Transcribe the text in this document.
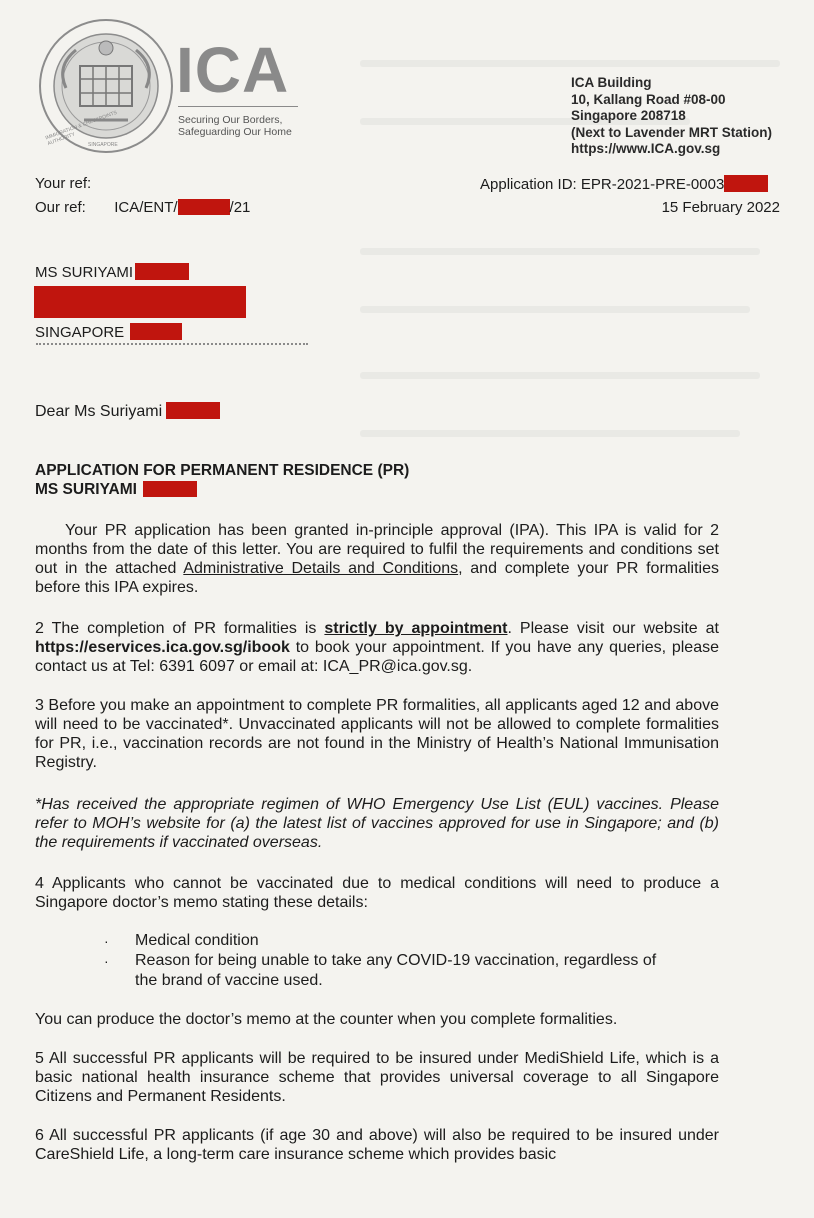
IMMIGRATION & CHECKPOINTS AUTHORITY	SINGAPORE
ICA
Securing Our Borders,
Safeguarding Our Home
ICA Building
10, Kallang Road #08-00
Singapore 208718
(Next to Lavender MRT Station)
https://www.ICA.gov.sg
Your ref:
Our ref: ICA/ENT/	/21
Application ID: EPR-2021-PRE-0003
15 February 2022
MS SURIYAMI
SINGAPORE
Dear Ms Suriyami
APPLICATION FOR PERMANENT RESIDENCE (PR)
MS SURIYAMI
Your PR application has been granted in-principle approval (IPA). This IPA is valid for 2 months from the date of this letter. You are required to fulfil the requirements and conditions set out in the attached Administrative Details and Conditions, and complete your PR formalities before this IPA expires.
2 The completion of PR formalities is strictly by appointment. Please visit our website at https://eservices.ica.gov.sg/ibook to book your appointment. If you have any queries, please contact us at Tel: 6391 6097 or email at: ICA_PR@ica.gov.sg.
3 Before you make an appointment to complete PR formalities, all applicants aged 12 and above will need to be vaccinated*. Unvaccinated applicants will not be allowed to complete formalities for PR, i.e., vaccination records are not found in the Ministry of Health’s National Immunisation Registry.
*Has received the appropriate regimen of WHO Emergency Use List (EUL) vaccines. Please refer to MOH’s website for (a) the latest list of vaccines approved for use in Singapore; and (b) the requirements if vaccinated overseas.
4 Applicants who cannot be vaccinated due to medical conditions will need to produce a Singapore doctor’s memo stating these details:
· Medical condition
· Reason for being unable to take any COVID-19 vaccination, regardless of
the brand of vaccine used.
You can produce the doctor’s memo at the counter when you complete formalities.
5 All successful PR applicants will be required to be insured under MediShield Life, which is a basic national health insurance scheme that provides universal coverage to all Singapore Citizens and Permanent Residents.
6 All successful PR applicants (if age 30 and above) will also be required to be insured under CareShield Life, a long-term care insurance scheme which provides basic
